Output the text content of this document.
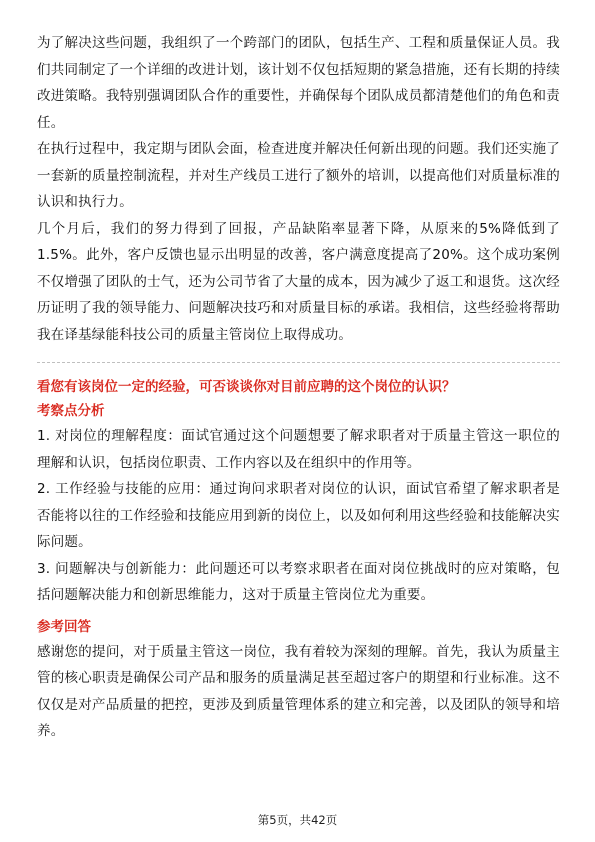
为了解决这些问题，我组织了一个跨部门的团队，包括生产、工程和质量保证人员。我们共同制定了一个详细的改进计划，该计划不仅包括短期的紧急措施，还有长期的持续改进策略。我特别强调团队合作的重要性，并确保每个团队成员都清楚他们的角色和责任。

在执行过程中，我定期与团队会面，检查进度并解决任何新出现的问题。我们还实施了一套新的质量控制流程，并对生产线员工进行了额外的培训，以提高他们对质量标准的认识和执行力。

几个月后，我们的努力得到了回报，产品缺陷率显著下降，从原来的5%降低到了1.5%。此外，客户反馈也显示出明显的改善，客户满意度提高了20%。这个成功案例不仅增强了团队的士气，还为公司节省了大量的成本，因为减少了返工和退货。这次经历证明了我的领导能力、问题解决技巧和对质量目标的承诺。我相信，这些经验将帮助我在译基绿能科技公司的质量主管岗位上取得成功。

看您有该岗位一定的经验，可否谈谈你对目前应聘的这个岗位的认识？

考察点分析

1. 对岗位的理解程度：面试官通过这个问题想要了解求职者对于质量主管这一职位的理解和认识，包括岗位职责、工作内容以及在组织中的作用等。

2. 工作经验与技能的应用：通过询问求职者对岗位的认识，面试官希望了解求职者是否能将以往的工作经验和技能应用到新的岗位上，以及如何利用这些经验和技能解决实际问题。

3. 问题解决与创新能力：此问题还可以考察求职者在面对岗位挑战时的应对策略，包括问题解决能力和创新思维能力，这对于质量主管岗位尤为重要。

参考回答

感谢您的提问，对于质量主管这一岗位，我有着较为深刻的理解。首先，我认为质量主管的核心职责是确保公司产品和服务的质量满足甚至超过客户的期望和行业标准。这不仅仅是对产品质量的把控，更涉及到质量管理体系的建立和完善，以及团队的领导和培养。

第5页，共42页
